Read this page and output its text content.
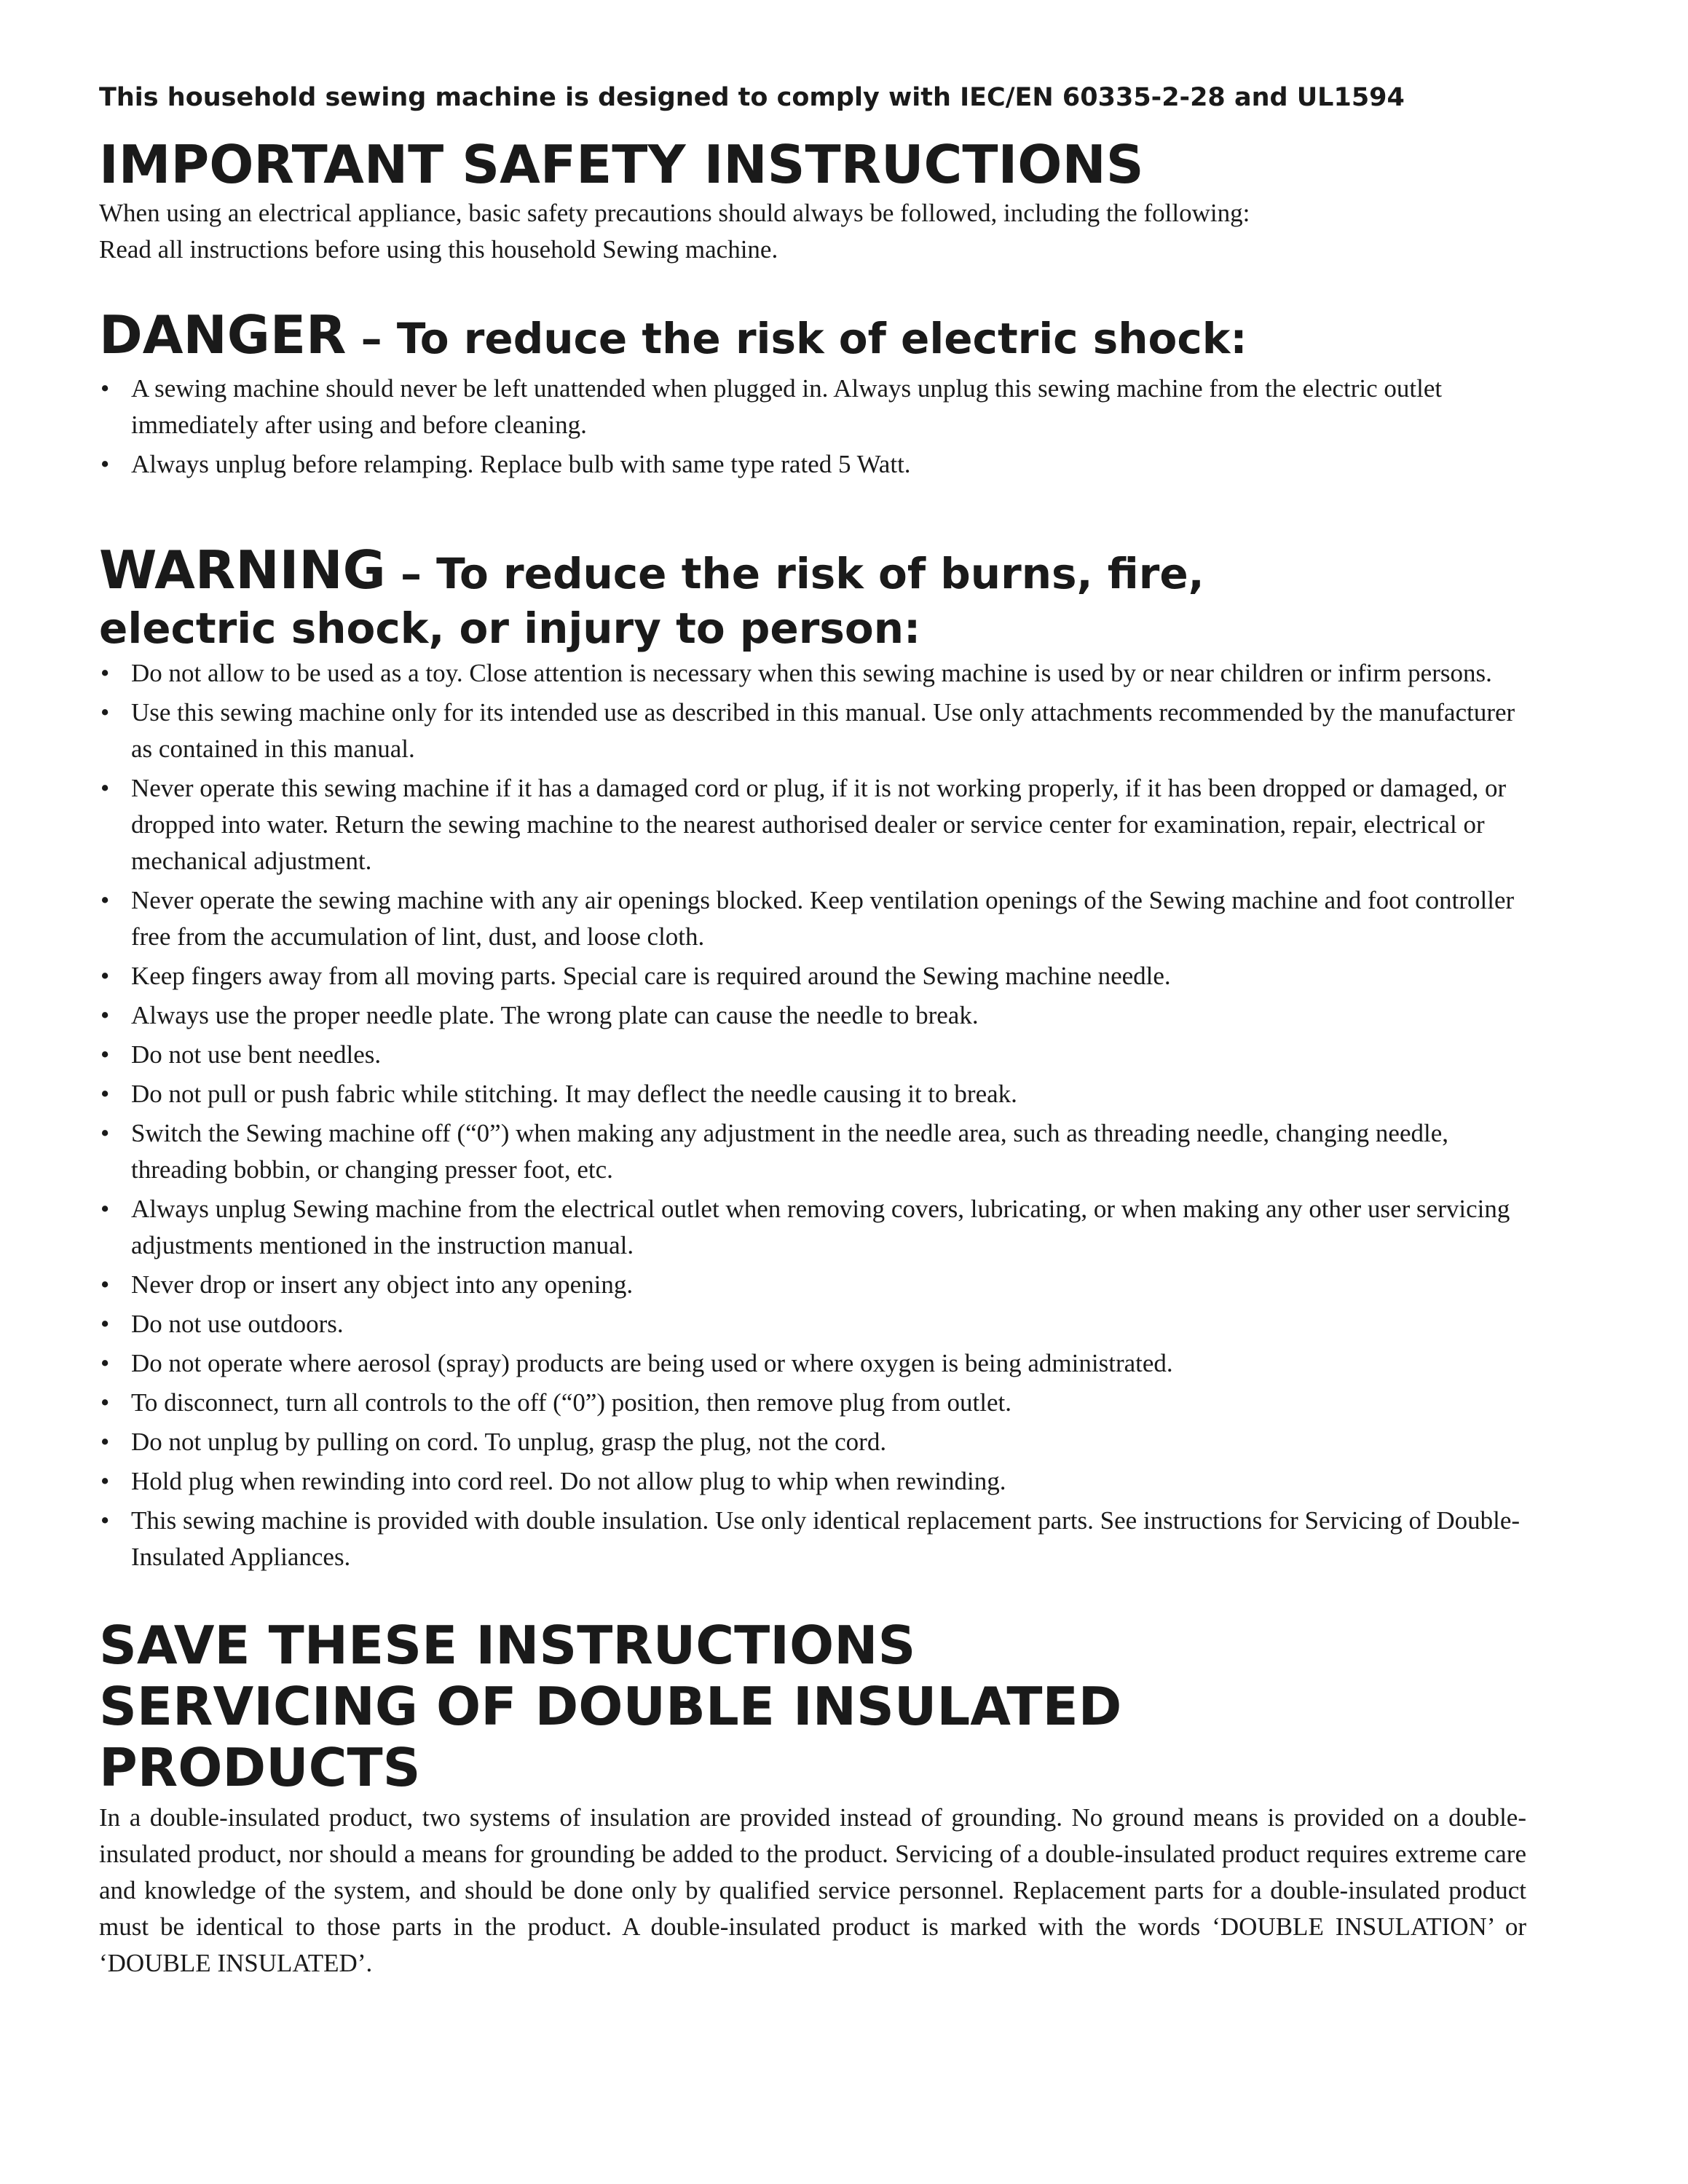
This household sewing machine is designed to comply with IEC/EN 60335-2-28 and UL1594
IMPORTANT SAFETY INSTRUCTIONS

When using an electrical appliance, basic safety precautions should always be followed, including the following:

Read all instructions before using this household Sewing machine.

DANGER – To reduce the risk of electric shock:
• A sewing machine should never be left unattended when plugged in. Always unplug this sewing machine from the electric outlet immediately after using and before cleaning.
• Always unplug before relamping. Replace bulb with same type rated 5 Watt.
WARNING – To reduce the risk of burns, fire,
electric shock, or injury to person:
• Do not allow to be used as a toy. Close attention is necessary when this sewing machine is used by or near children or infirm persons.
• Use this sewing machine only for its intended use as described in this manual. Use only attachments recommended by the manufacturer as contained in this manual.
• Never operate this sewing machine if it has a damaged cord or plug, if it is not working properly, if it has been dropped or damaged, or dropped into water. Return the sewing machine to the nearest authorised dealer or service center for examination, repair, electrical or mechanical adjustment.
• Never operate the sewing machine with any air openings blocked. Keep ventilation openings of the Sewing machine and foot controller free from the accumulation of lint, dust, and loose cloth.
• Keep fingers away from all moving parts. Special care is required around the Sewing machine needle.
• Always use the proper needle plate. The wrong plate can cause the needle to break.
• Do not use bent needles.
• Do not pull or push fabric while stitching. It may deflect the needle causing it to break.
• Switch the Sewing machine off (“0”) when making any adjustment in the needle area, such as threading needle, changing needle, threading bobbin, or changing presser foot, etc.
• Always unplug Sewing machine from the electrical outlet when removing covers, lubricating, or when making any other user servicing adjustments mentioned in the instruction manual.
• Never drop or insert any object into any opening.
• Do not use outdoors.
• Do not operate where aerosol (spray) products are being used or where oxygen is being administrated.
• To disconnect, turn all controls to the off (“0”) position, then remove plug from outlet.
• Do not unplug by pulling on cord. To unplug, grasp the plug, not the cord.
• Hold plug when rewinding into cord reel. Do not allow plug to whip when rewinding.
• This sewing machine is provided with double insulation. Use only identical replacement parts. See instructions for Servicing of Double-Insulated Appliances.
SAVE THESE INSTRUCTIONS
SERVICING OF DOUBLE INSULATED
PRODUCTS

In a double-insulated product, two systems of insulation are provided instead of grounding. No ground means is provided on a double-insulated product, nor should a means for grounding be added to the product. Servicing of a double-insulated product requires extreme care and knowledge of the system, and should be done only by qualified service personnel. Replacement parts for a double-insulated product must be identical to those parts in the product. A double-insulated product is marked with the words ‘DOUBLE INSULATION’ or ‘DOUBLE INSULATED’.
